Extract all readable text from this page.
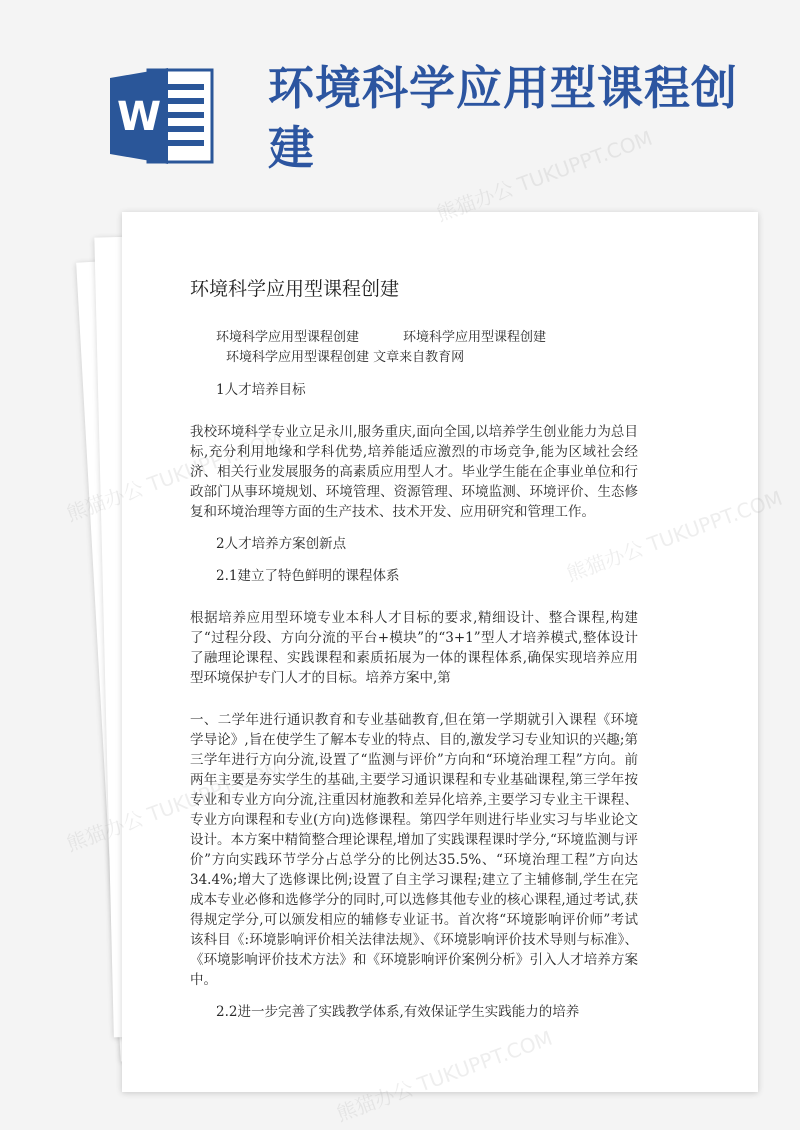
W
环境科学应用型课程创建	熊猫办公 TUKUPPT.COM
熊猫办公
环境科学应用型课程创建
环境科学应用型课程创建	环境科学应用型课程创建
环境科学应用型课程创建 文章来自教育网
1人才培养目标

我校环境科学专业立足永川,服务重庆,面向全国,以培养学生创业能力为总目标,充分利用地缘和学科优势,培养能适应激烈的市场竞争,能为区域社会经济、相关行业发展服务的高素质应用型人才。毕业学生能在企事业单位和行政部门从事环境规划、环境管理、资源管理、环境监测、环境评价、生态修复和环境治理等方面的生产技术、技术开发、应用研究和管理工作。

2人才培养方案创新点
2.1建立了特色鲜明的课程体系

根据培养应用型环境专业本科人才目标的要求,精细设计、整合课程,构建了“过程分段、方向分流的平台+模块”的“3+1”型人才培养模式,整体设计了融理论课程、实践课程和素质拓展为一体的课程体系,确保实现培养应用型环境保护专门人才的目标。培养方案中,第

一、二学年进行通识教育和专业基础教育,但在第一学期就引入课程《环境学导论》,旨在使学生了解本专业的特点、目的,激发学习专业知识的兴趣;第三学年进行方向分流,设置了“监测与评价”方向和“环境治理工程”方向。前两年主要是夯实学生的基础,主要学习通识课程和专业基础课程,第三学年按专业和专业方向分流,注重因材施教和差异化培养,主要学习专业主干课程、专业方向课程和专业(方向)选修课程。第四学年则进行毕业实习与毕业论文设计。本方案中精简整合理论课程,增加了实践课程课时学分,“环境监测与评价”方向实践环节学分占总学分的比例达35.5%、“环境治理工程”方向达34.4%;增大了选修课比例;设置了自主学习课程;建立了主辅修制,学生在完成本专业必修和选修学分的同时,可以选修其他专业的核心课程,通过考试,获得规定学分,可以颁发相应的辅修专业证书。首次将“环境影响评价师”考试该科目《:环境影响评价相关法律法规》、《环境影响评价技术导则与标准》、《环境影响评价技术方法》和《环境影响评价案例分析》引入人才培养方案中。

2.2进一步完善了实践教学体系,有效保证学生实践能力的培养
